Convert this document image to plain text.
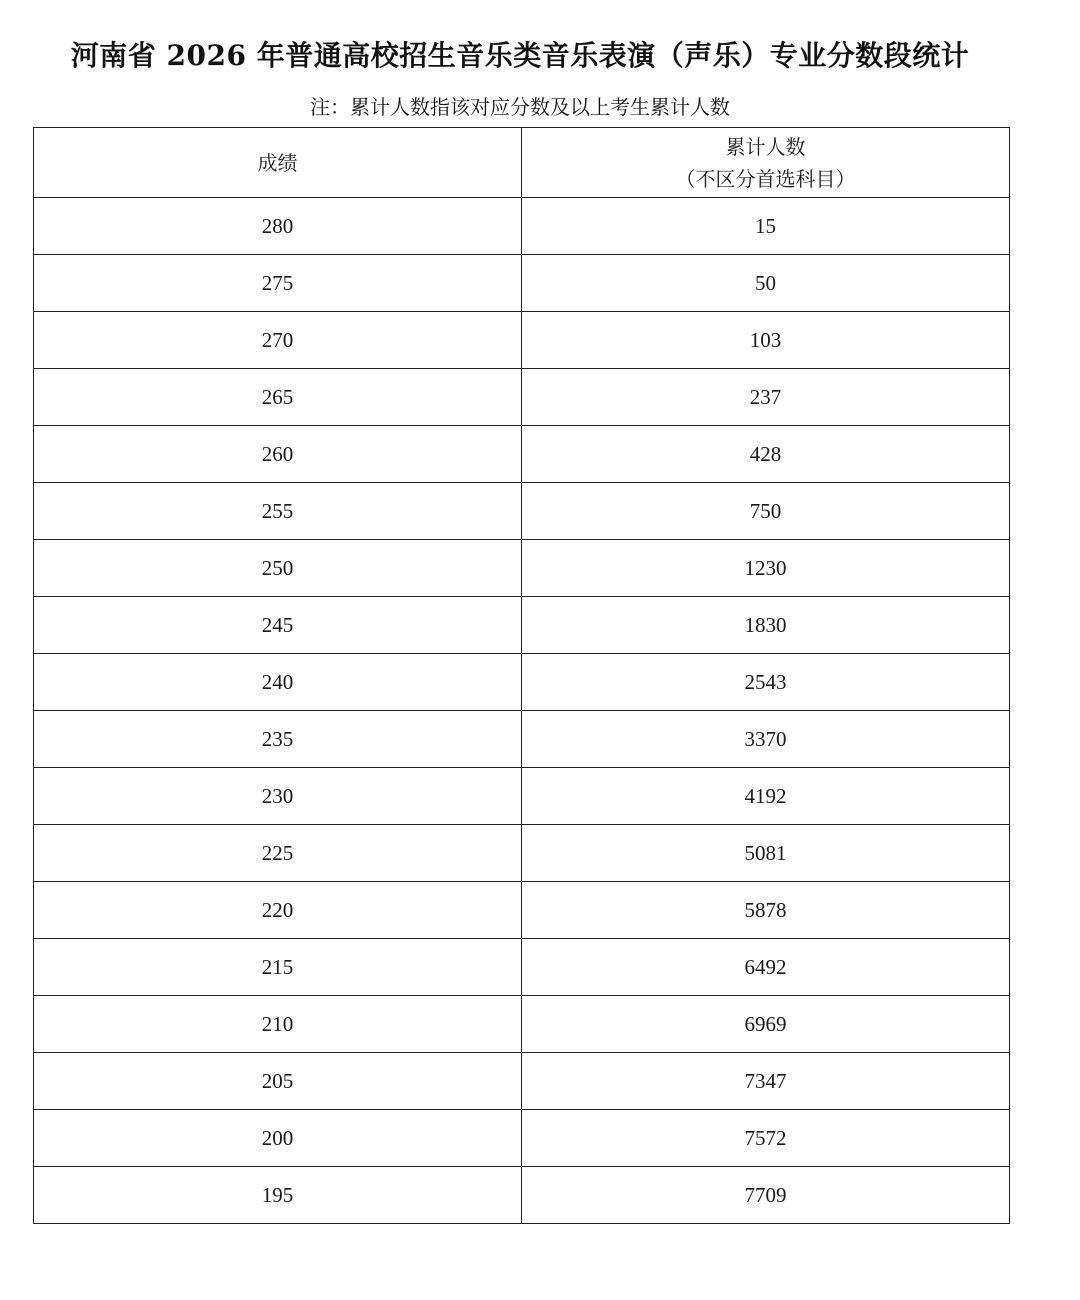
河南省 2026 年普通高校招生音乐类音乐表演（声乐）专业分数段统计
注：累计人数指该对应分数及以上考生累计人数
成绩	累计人数
（不区分首选科目）

280	15
275	50
270	103
265	237
260	428
255	750
250	1230
245	1830
240	2543
235	3370
230	4192
225	5081
220	5878
215	6492
210	6969
205	7347
200	7572
195	7709
